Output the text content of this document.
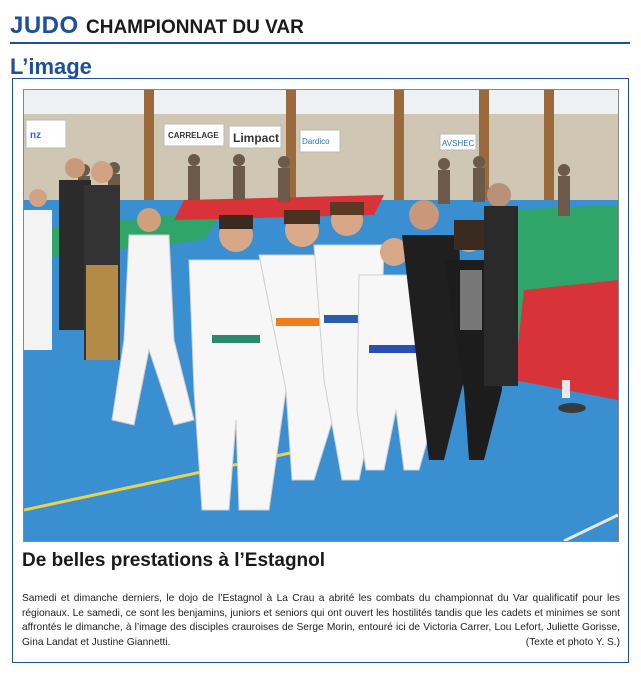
JUDO CHAMPIONNAT DU VAR
L’image
nz	CARRELAGE Limpact	Dardico	AVSHEC
De belles prestations à l’Estagnol
Samedi et dimanche derniers, le dojo de l’Estagnol à La Crau a abrité les combats du championnat du Var qualificatif pour les régionaux. Le samedi, ce sont les benjamins, juniors et seniors qui ont ouvert les hostilités tandis que les cadets et minimes se sont affrontés le dimanche, à l’image des disciples crauroises de Serge Morin, entouré ici de Victoria Carrer, Lou Lefort, Juliette Gorisse, Gina Landat et Justine Giannetti.	(Texte et photo Y. S.)
